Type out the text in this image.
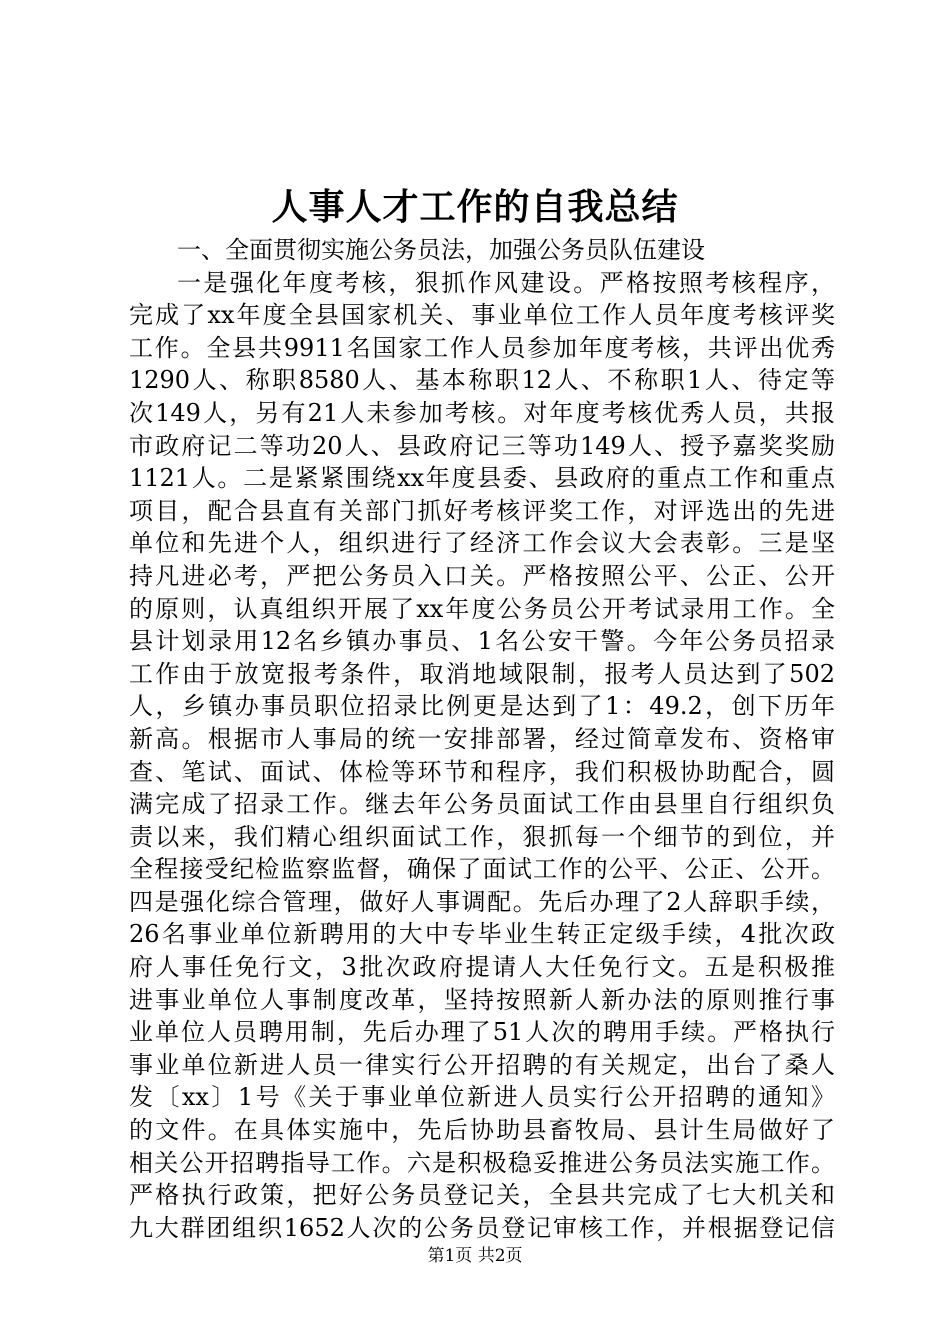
人事人才工作的自我总结
一、全面贯彻实施公务员法，加强公务员队伍建设
一是强化年度考核，狠抓作风建设。严格按照考核程序，
完成了xx年度全县国家机关、事业单位工作人员年度考核评奖
工作。全县共9911名国家工作人员参加年度考核，共评出优秀
1290人、称职8580人、基本称职12人、不称职1人、待定等
次149人，另有21人未参加考核。对年度考核优秀人员，共报
市政府记二等功20人、县政府记三等功149人、授予嘉奖奖励
1121人。二是紧紧围绕xx年度县委、县政府的重点工作和重点
项目，配合县直有关部门抓好考核评奖工作，对评选出的先进
单位和先进个人，组织进行了经济工作会议大会表彰。三是坚
持凡进必考，严把公务员入口关。严格按照公平、公正、公开
的原则，认真组织开展了xx年度公务员公开考试录用工作。全
县计划录用12名乡镇办事员、1名公安干警。今年公务员招录
工作由于放宽报考条件，取消地域限制，报考人员达到了502
人，乡镇办事员职位招录比例更是达到了1：49.2，创下历年
新高。根据市人事局的统一安排部署，经过简章发布、资格审
查、笔试、面试、体检等环节和程序，我们积极协助配合，圆
满完成了招录工作。继去年公务员面试工作由县里自行组织负
责以来，我们精心组织面试工作，狠抓每一个细节的到位，并
全程接受纪检监察监督，确保了面试工作的公平、公正、公开。
四是强化综合管理，做好人事调配。先后办理了2人辞职手续，
26名事业单位新聘用的大中专毕业生转正定级手续，4批次政
府人事任免行文，3批次政府提请人大任免行文。五是积极推
进事业单位人事制度改革，坚持按照新人新办法的原则推行事
业单位人员聘用制，先后办理了51人次的聘用手续。严格执行
事业单位新进人员一律实行公开招聘的有关规定，出台了桑人
发〔xx〕1号《关于事业单位新进人员实行公开招聘的通知》
的文件。在具体实施中，先后协助县畜牧局、县计生局做好了
相关公开招聘指导工作。六是积极稳妥推进公务员法实施工作。
严格执行政策，把好公务员登记关，全县共完成了七大机关和
九大群团组织1652人次的公务员登记审核工作，并根据登记信
第1页 共2页
